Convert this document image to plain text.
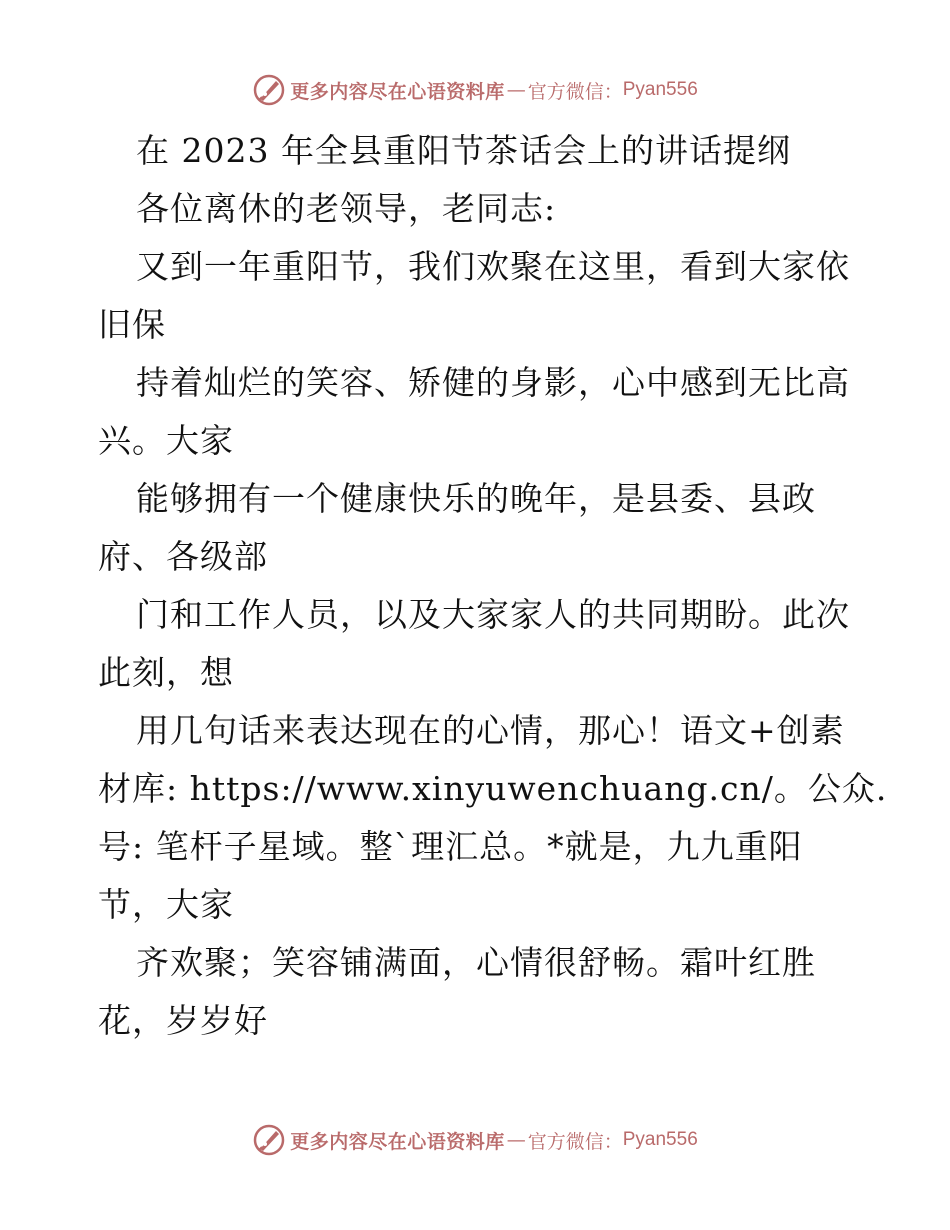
更多内容尽在心语资料库 — 官方微信： Pyan556
在 2023 年全县重阳节茶话会上的讲话提纲
各位离休的老领导，老同志:
又到一年重阳节，我们欢聚在这里，看到大家依
旧保
持着灿烂的笑容、矫健的身影，心中感到无比高
兴。大家
能够拥有一个健康快乐的晚年，是县委、县政
府、各级部
门和工作人员，以及大家家人的共同期盼。此次
此刻，想
用几句话来表达现在的心情，那心！语文+创素
材库: https://www.xinyuwenchuang.cn/。公众.
号: 笔杆子星域。整`理汇总。*就是，九九重阳
节，大家
齐欢聚；笑容铺满面，心情很舒畅。霜叶红胜
花，岁岁好
更多内容尽在心语资料库 — 官方微信： Pyan556
